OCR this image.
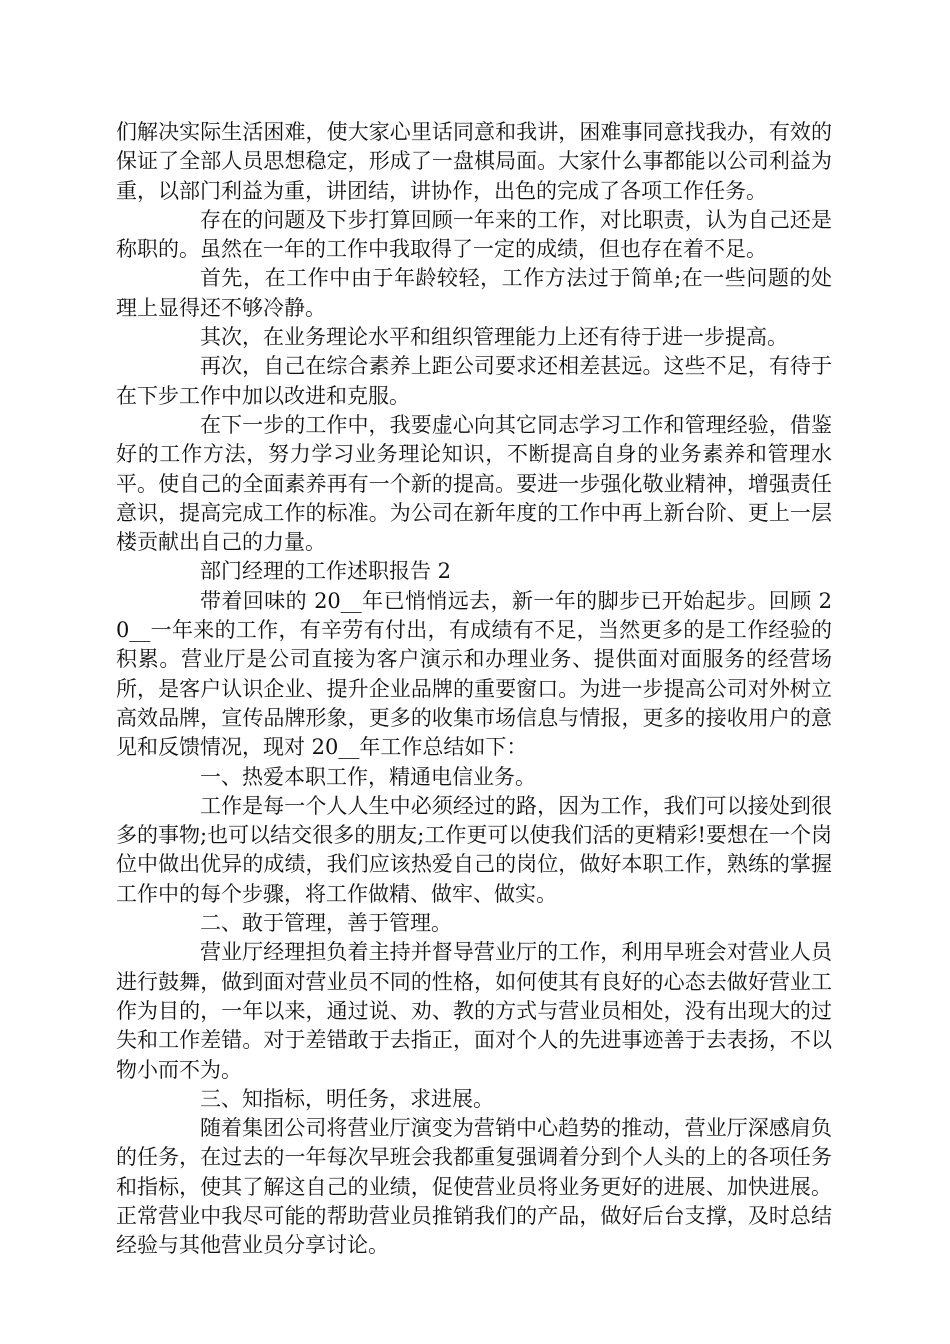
们解决实际生活困难，使大家心里话同意和我讲，困难事同意找我办，有效的保证了全部人员思想稳定，形成了一盘棋局面。大家什么事都能以公司利益为重，以部门利益为重，讲团结，讲协作，出色的完成了各项工作任务。

存在的问题及下步打算回顾一年来的工作，对比职责，认为自己还是称职的。虽然在一年的工作中我取得了一定的成绩，但也存在着不足。

首先，在工作中由于年龄较轻，工作方法过于简单;在一些问题的处理上显得还不够冷静。

其次，在业务理论水平和组织管理能力上还有待于进一步提高。

再次，自己在综合素养上距公司要求还相差甚远。这些不足，有待于在下步工作中加以改进和克服。

在下一步的工作中，我要虚心向其它同志学习工作和管理经验，借鉴好的工作方法，努力学习业务理论知识，不断提高自身的业务素养和管理水平。使自己的全面素养再有一个新的提高。要进一步强化敬业精神，增强责任意识，提高完成工作的标准。为公司在新年度的工作中再上新台阶、更上一层楼贡献出自己的力量。

部门经理的工作述职报告 2

带着回味的 20__年已悄悄远去，新一年的脚步已开始起步。回顾 20__一年来的工作，有辛劳有付出，有成绩有不足，当然更多的是工作经验的积累。营业厅是公司直接为客户演示和办理业务、提供面对面服务的经营场所，是客户认识企业、提升企业品牌的重要窗口。为进一步提高公司对外树立高效品牌，宣传品牌形象，更多的收集市场信息与情报，更多的接收用户的意见和反馈情况，现对 20__年工作总结如下：

一、热爱本职工作，精通电信业务。

工作是每一个人人生中必须经过的路，因为工作，我们可以接处到很多的事物;也可以结交很多的朋友;工作更可以使我们活的更精彩!要想在一个岗位中做出优异的成绩，我们应该热爱自己的岗位，做好本职工作，熟练的掌握工作中的每个步骤，将工作做精、做牢、做实。

二、敢于管理，善于管理。

营业厅经理担负着主持并督导营业厅的工作，利用早班会对营业人员进行鼓舞，做到面对营业员不同的性格，如何使其有良好的心态去做好营业工作为目的，一年以来，通过说、劝、教的方式与营业员相处，没有出现大的过失和工作差错。对于差错敢于去指正，面对个人的先进事迹善于去表扬，不以物小而不为。

三、知指标，明任务，求进展。

随着集团公司将营业厅演变为营销中心趋势的推动，营业厅深感肩负的任务，在过去的一年每次早班会我都重复强调着分到个人头的上的各项任务和指标，使其了解这自己的业绩，促使营业员将业务更好的进展、加快进展。正常营业中我尽可能的帮助营业员推销我们的产品，做好后台支撑，及时总结经验与其他营业员分享讨论。
